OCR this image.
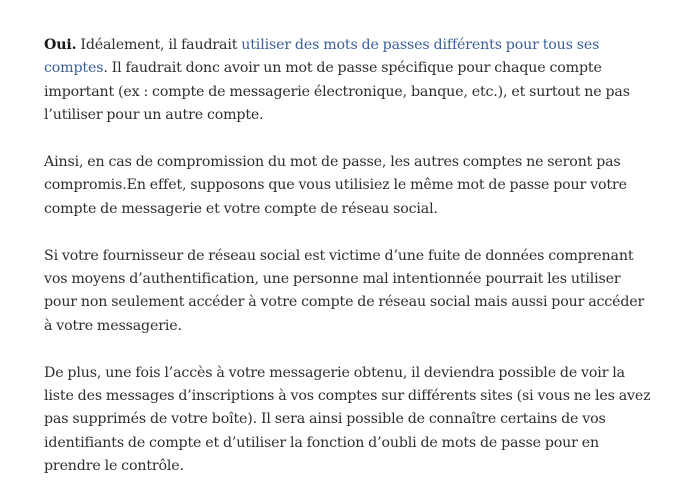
Oui. Idéalement, il faudrait utiliser des mots de passes différents pour tous ses comptes. Il faudrait donc avoir un mot de passe spécifique pour chaque compte important (ex : compte de messagerie électronique, banque, etc.), et surtout ne pas l’utiliser pour un autre compte.

Ainsi, en cas de compromission du mot de passe, les autres comptes ne seront pas compromis.En effet, supposons que vous utilisiez le même mot de passe pour votre compte de messagerie et votre compte de réseau social.

Si votre fournisseur de réseau social est victime d’une fuite de données comprenant vos moyens d’authentification, une personne mal intentionnée pourrait les utiliser pour non seulement accéder à votre compte de réseau social mais aussi pour accéder à votre messagerie.

De plus, une fois l’accès à votre messagerie obtenu, il deviendra possible de voir la liste des messages d’inscriptions à vos comptes sur différents sites (si vous ne les avez pas supprimés de votre boîte). Il sera ainsi possible de connaître certains de vos identifiants de compte et d’utiliser la fonction d’oubli de mots de passe pour en prendre le contrôle.
